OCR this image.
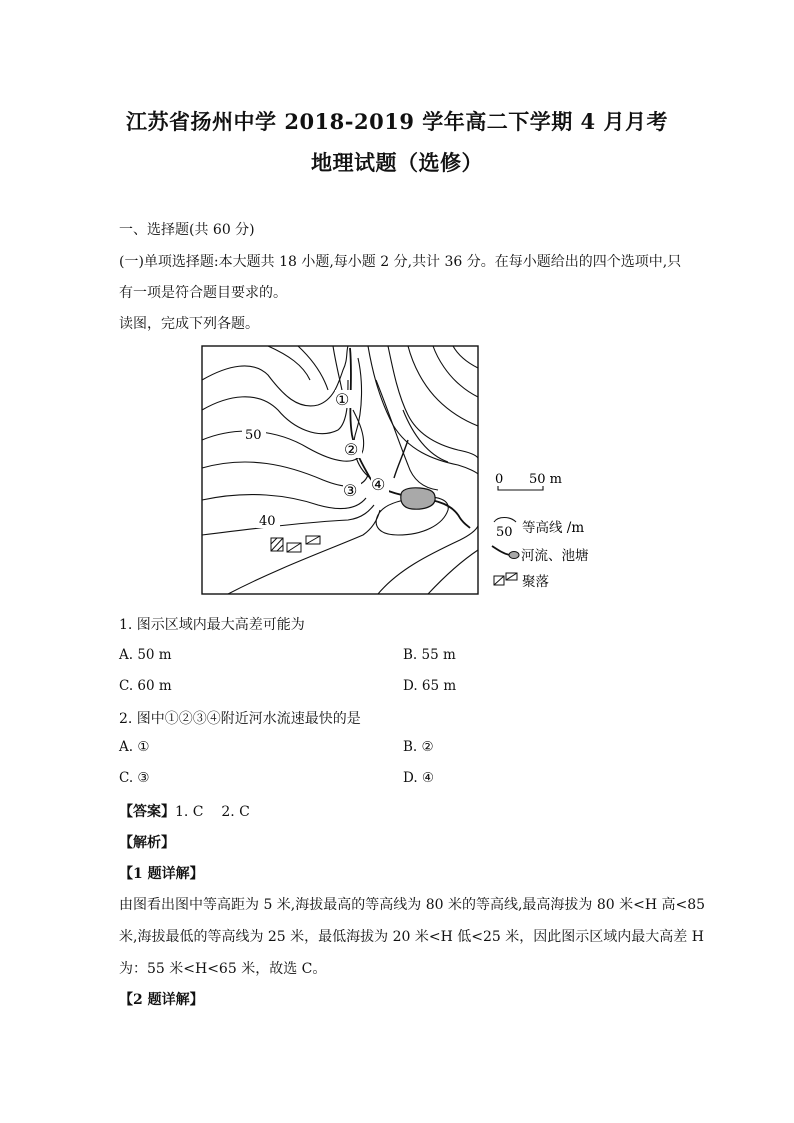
江苏省扬州中学 2018-2019 学年高二下学期 4 月月考
地理试题（选修）
一、选择题(共 60 分)
(一)单项选择题:本大题共 18 小题,每小题 2 分,共计 36 分。在每小题给出的四个选项中,只
有一项是符合题目要求的。
读图，完成下列各题。
50
40
①
②
③ ④	0 50 m
50 等高线 /m
河流、池塘
聚落
1. 图示区域内最大高差可能为
A. 50 m	B. 55 m
C. 60 m	D. 65 m
2. 图中①②③④附近河水流速最快的是
A. ①	B. ②
C. ③	D. ④
【答案】1. C    2. C
【解析】
【1 题详解】
由图看出图中等高距为 5 米,海拔最高的等高线为 80 米的等高线,最高海拔为 80 米<H 高<85
米,海拔最低的等高线为 25 米，最低海拔为 20 米<H 低<25 米，因此图示区域内最大高差 H
为：55 米<H<65 米，故选 C。
【2 题详解】
